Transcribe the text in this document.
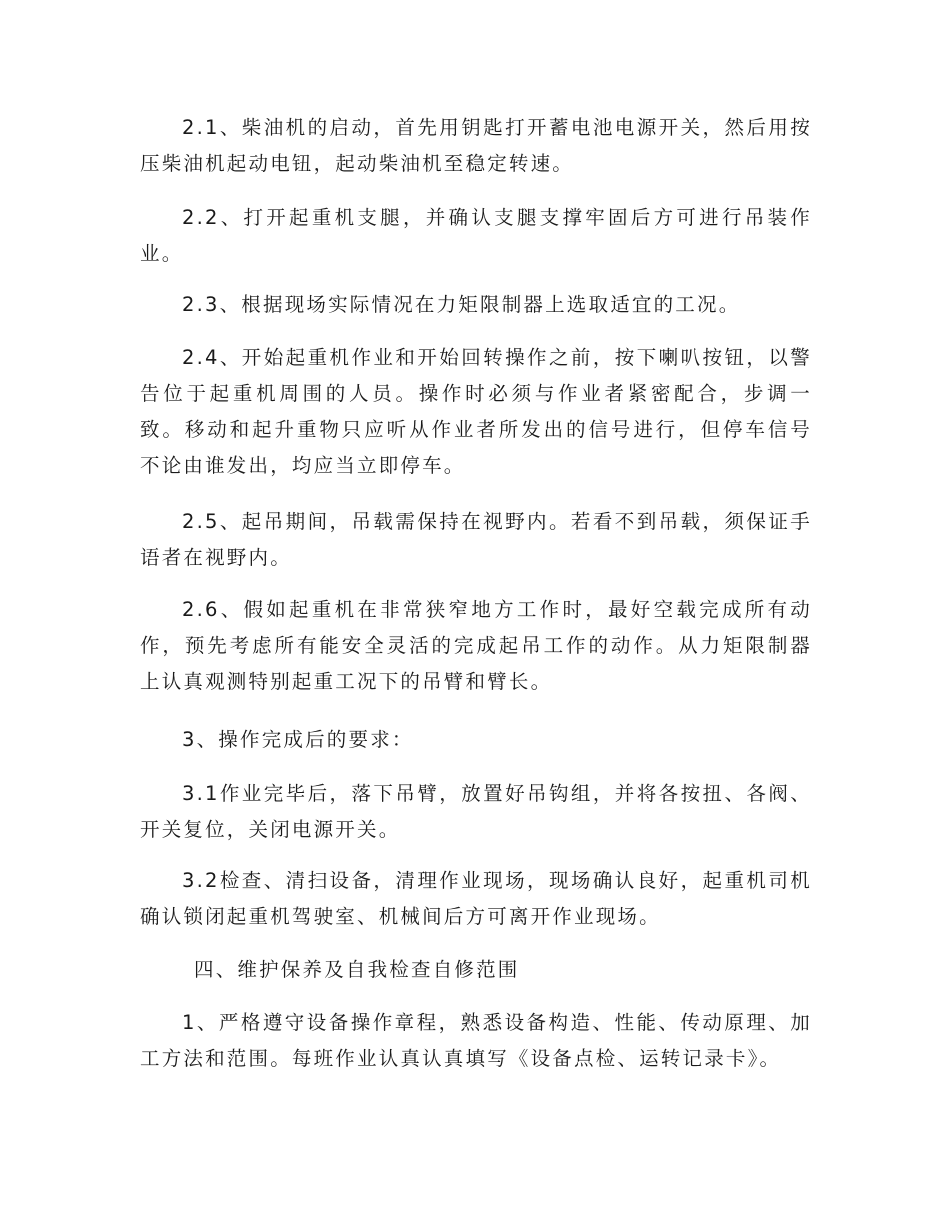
2.1、柴油机的启动，首先用钥匙打开蓄电池电源开关，然后用按压柴油机起动电钮，起动柴油机至稳定转速。

2.2、打开起重机支腿，并确认支腿支撑牢固后方可进行吊装作业。

2.3、根据现场实际情况在力矩限制器上选取适宜的工况。

2.4、开始起重机作业和开始回转操作之前，按下喇叭按钮，以警告位于起重机周围的人员。操作时必须与作业者紧密配合，步调一致。移动和起升重物只应听从作业者所发出的信号进行，但停车信号不论由谁发出，均应当立即停车。

2.5、起吊期间，吊载需保持在视野内。若看不到吊载，须保证手语者在视野内。

2.6、假如起重机在非常狭窄地方工作时，最好空载完成所有动作，预先考虑所有能安全灵活的完成起吊工作的动作。从力矩限制器上认真观测特别起重工况下的吊臂和臂长。

3、操作完成后的要求：

3.1作业完毕后，落下吊臂，放置好吊钩组，并将各按扭、各阀、开关复位，关闭电源开关。

3.2检查、清扫设备，清理作业现场，现场确认良好，起重机司机确认锁闭起重机驾驶室、机械间后方可离开作业现场。

四、维护保养及自我检查自修范围

1、严格遵守设备操作章程，熟悉设备构造、性能、传动原理、加工方法和范围。每班作业认真认真填写《设备点检、运转记录卡》。
